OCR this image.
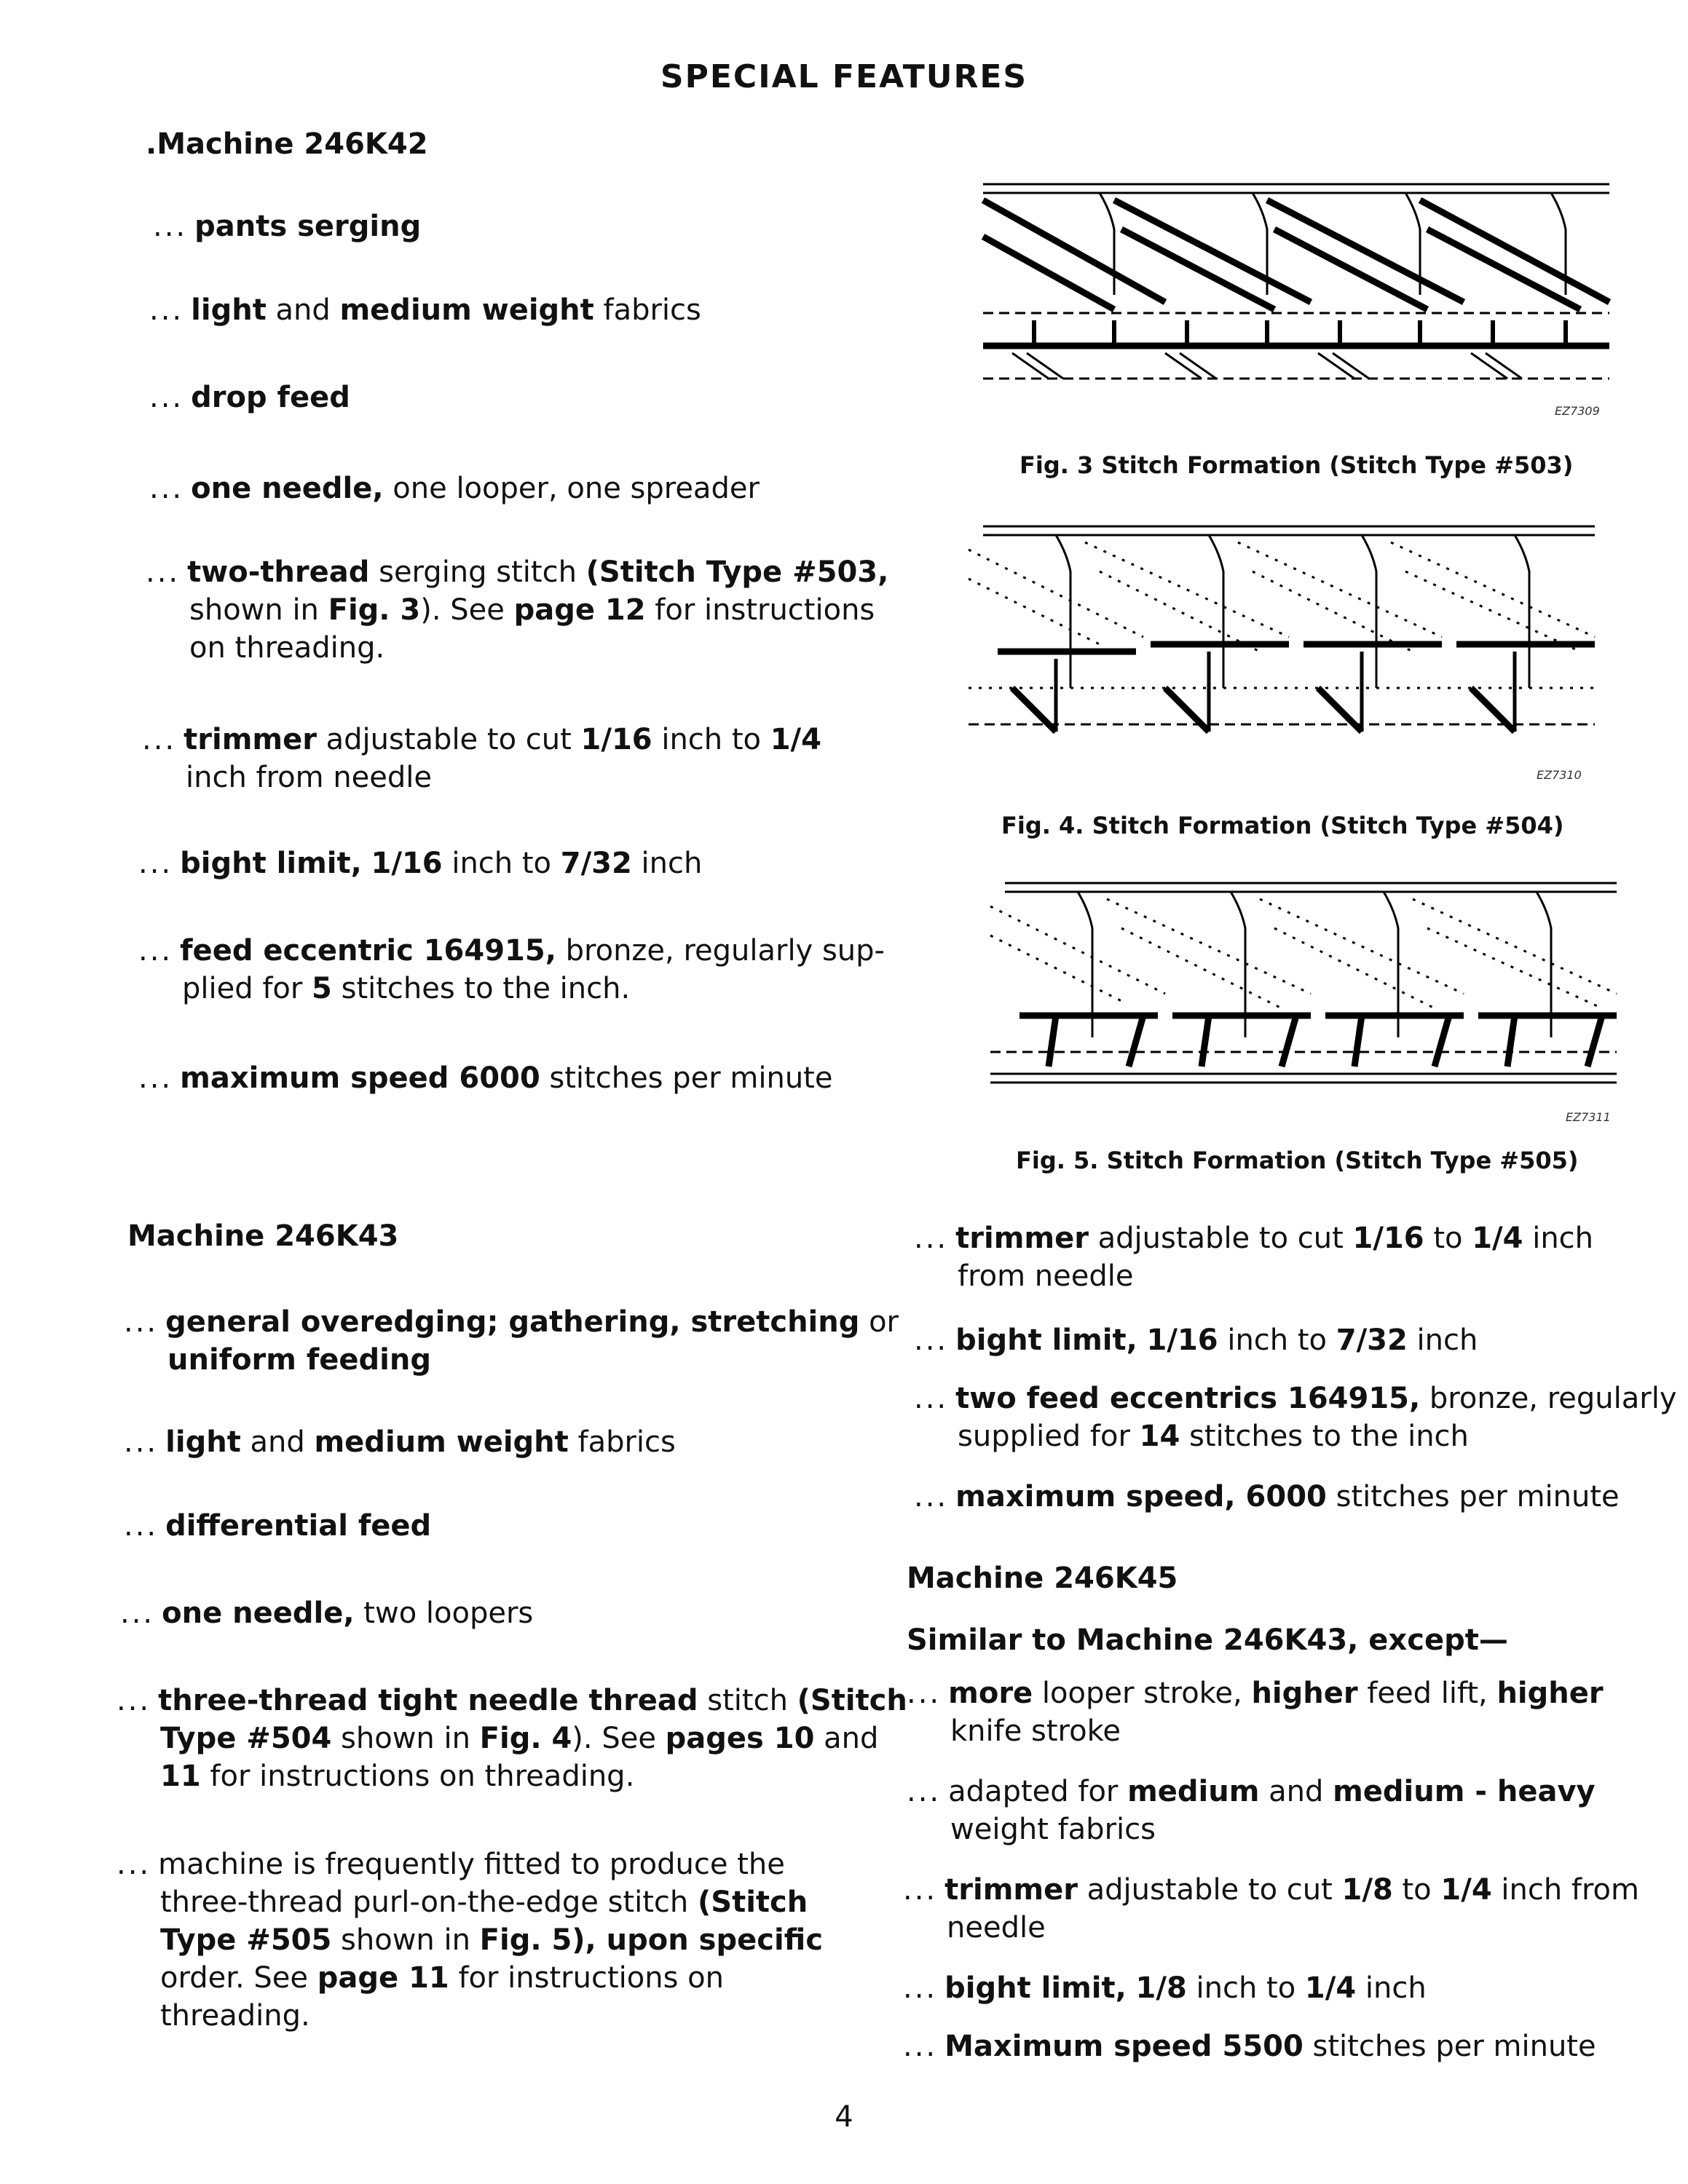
SPECIAL FEATURES
.Machine 246K42
... pants serging
... light and medium weight fabrics
... drop feed
... one needle, one looper, one spreader
... two-thread serging stitch (Stitch Type #503,
shown in Fig. 3). See page 12 for instructions
on threading.
... trimmer adjustable to cut 1/16 inch to 1/4
inch from needle
... bight limit, 1/16 inch to 7/32 inch
... feed eccentric 164915, bronze, regularly sup-
plied for 5 stitches to the inch.
... maximum speed 6000 stitches per minute
EZ7309
Fig. 3 Stitch Formation (Stitch Type #503)
EZ7310
Fig. 4. Stitch Formation (Stitch Type #504)
EZ7311
Fig. 5. Stitch Formation (Stitch Type #505)
Machine 246K43
... general overedging; gathering, stretching or
uniform feeding
... light and medium weight fabrics
... differential feed
... one needle, two loopers
... three-thread tight needle thread stitch (Stitch
Type #504 shown in Fig. 4). See pages 10 and
11 for instructions on threading.
... machine is frequently fitted to produce the
three-thread purl-on-the-edge stitch (Stitch
Type #505 shown in Fig. 5), upon specific
order. See page 11 for instructions on
threading.
... trimmer adjustable to cut 1/16 to 1/4 inch
from needle
... bight limit, 1/16 inch to 7/32 inch
... two feed eccentrics 164915, bronze, regularly
supplied for 14 stitches to the inch
... maximum speed, 6000 stitches per minute
Machine 246K45
Similar to Machine 246K43, except—
... more looper stroke, higher feed lift, higher
knife stroke
... adapted for medium and medium - heavy
weight fabrics
... trimmer adjustable to cut 1/8 to 1/4 inch from
needle
... bight limit, 1/8 inch to 1/4 inch
... Maximum speed 5500 stitches per minute
4
